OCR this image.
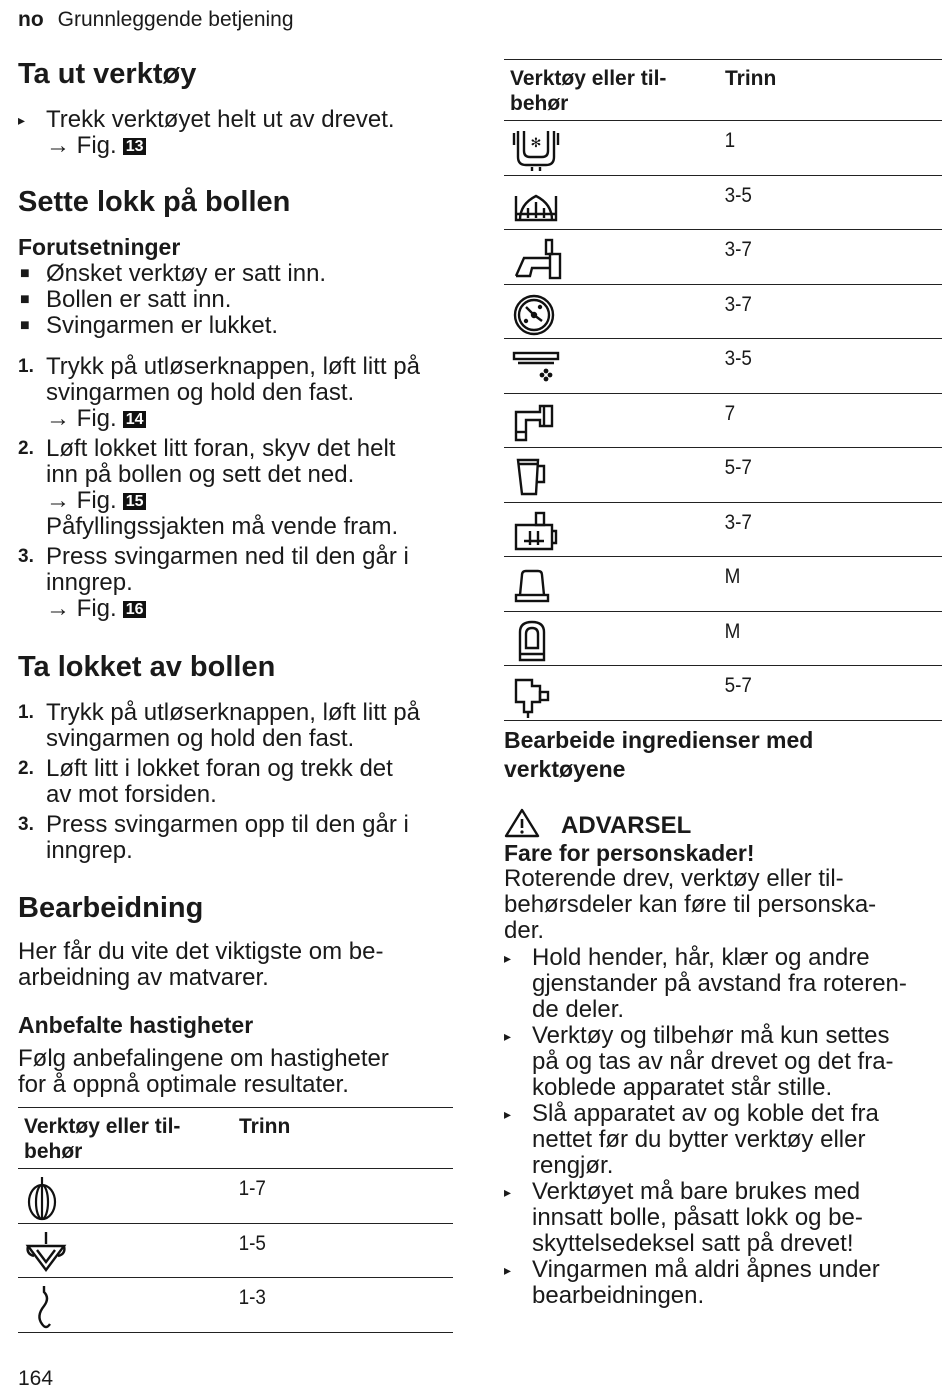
no Grunnleggende betjening
Ta ut verktøy
▸ Trekk verktøyet helt ut av drevet.
→ Fig. 13
Sette lokk på bollen
Forutsetninger
■ Ønsket verktøy er satt inn.
■ Bollen er satt inn.
■ Svingarmen er lukket.
1. Trykk på utløserknappen, løft litt på
svingarmen og hold den fast.
→ Fig. 14
2. Løft lokket litt foran, skyv det helt
inn på bollen og sett det ned.
→ Fig. 15
Påfyllingssjakten må vende fram.
3. Press svingarmen ned til den går i
inngrep.
→ Fig. 16
Ta lokket av bollen
1. Trykk på utløserknappen, løft litt på
svingarmen og hold den fast.
2. Løft litt i lokket foran og trekk det
av mot forsiden.
3. Press svingarmen opp til den går i
inngrep.
Bearbeidning

Her får du vite det viktigste om be-
arbeidning av matvarer.

Anbefalte hastigheter

Følg anbefalingene om hastigheter
for å oppnå optimale resultater.

Verktøy eller til-
behør
Trinn
1-7
1-5
1-3
Verktøy eller til-
behør
Trinn
✻	1
3-5
3-7
3-7
3-5
7
5-7
3-7
M
M
5-7
Bearbeide ingredienser med
verktøyene
ADVARSEL
Fare for personskader!

Roterende drev, verktøy eller til-
behørsdeler kan føre til personska-
der.

▸ Hold hender, hår, klær og andre
gjenstander på avstand fra roteren-
de deler.
▸ Verktøy og tilbehør må kun settes
på og tas av når drevet og det fra-
koblede apparatet står stille.
▸ Slå apparatet av og koble det fra
nettet før du bytter verktøy eller
rengjør.
▸ Verktøyet må bare brukes med
innsatt bolle, påsatt lokk og be-
skyttelsedeksel satt på drevet!
▸ Vingarmen må aldri åpnes under
bearbeidningen.
164
